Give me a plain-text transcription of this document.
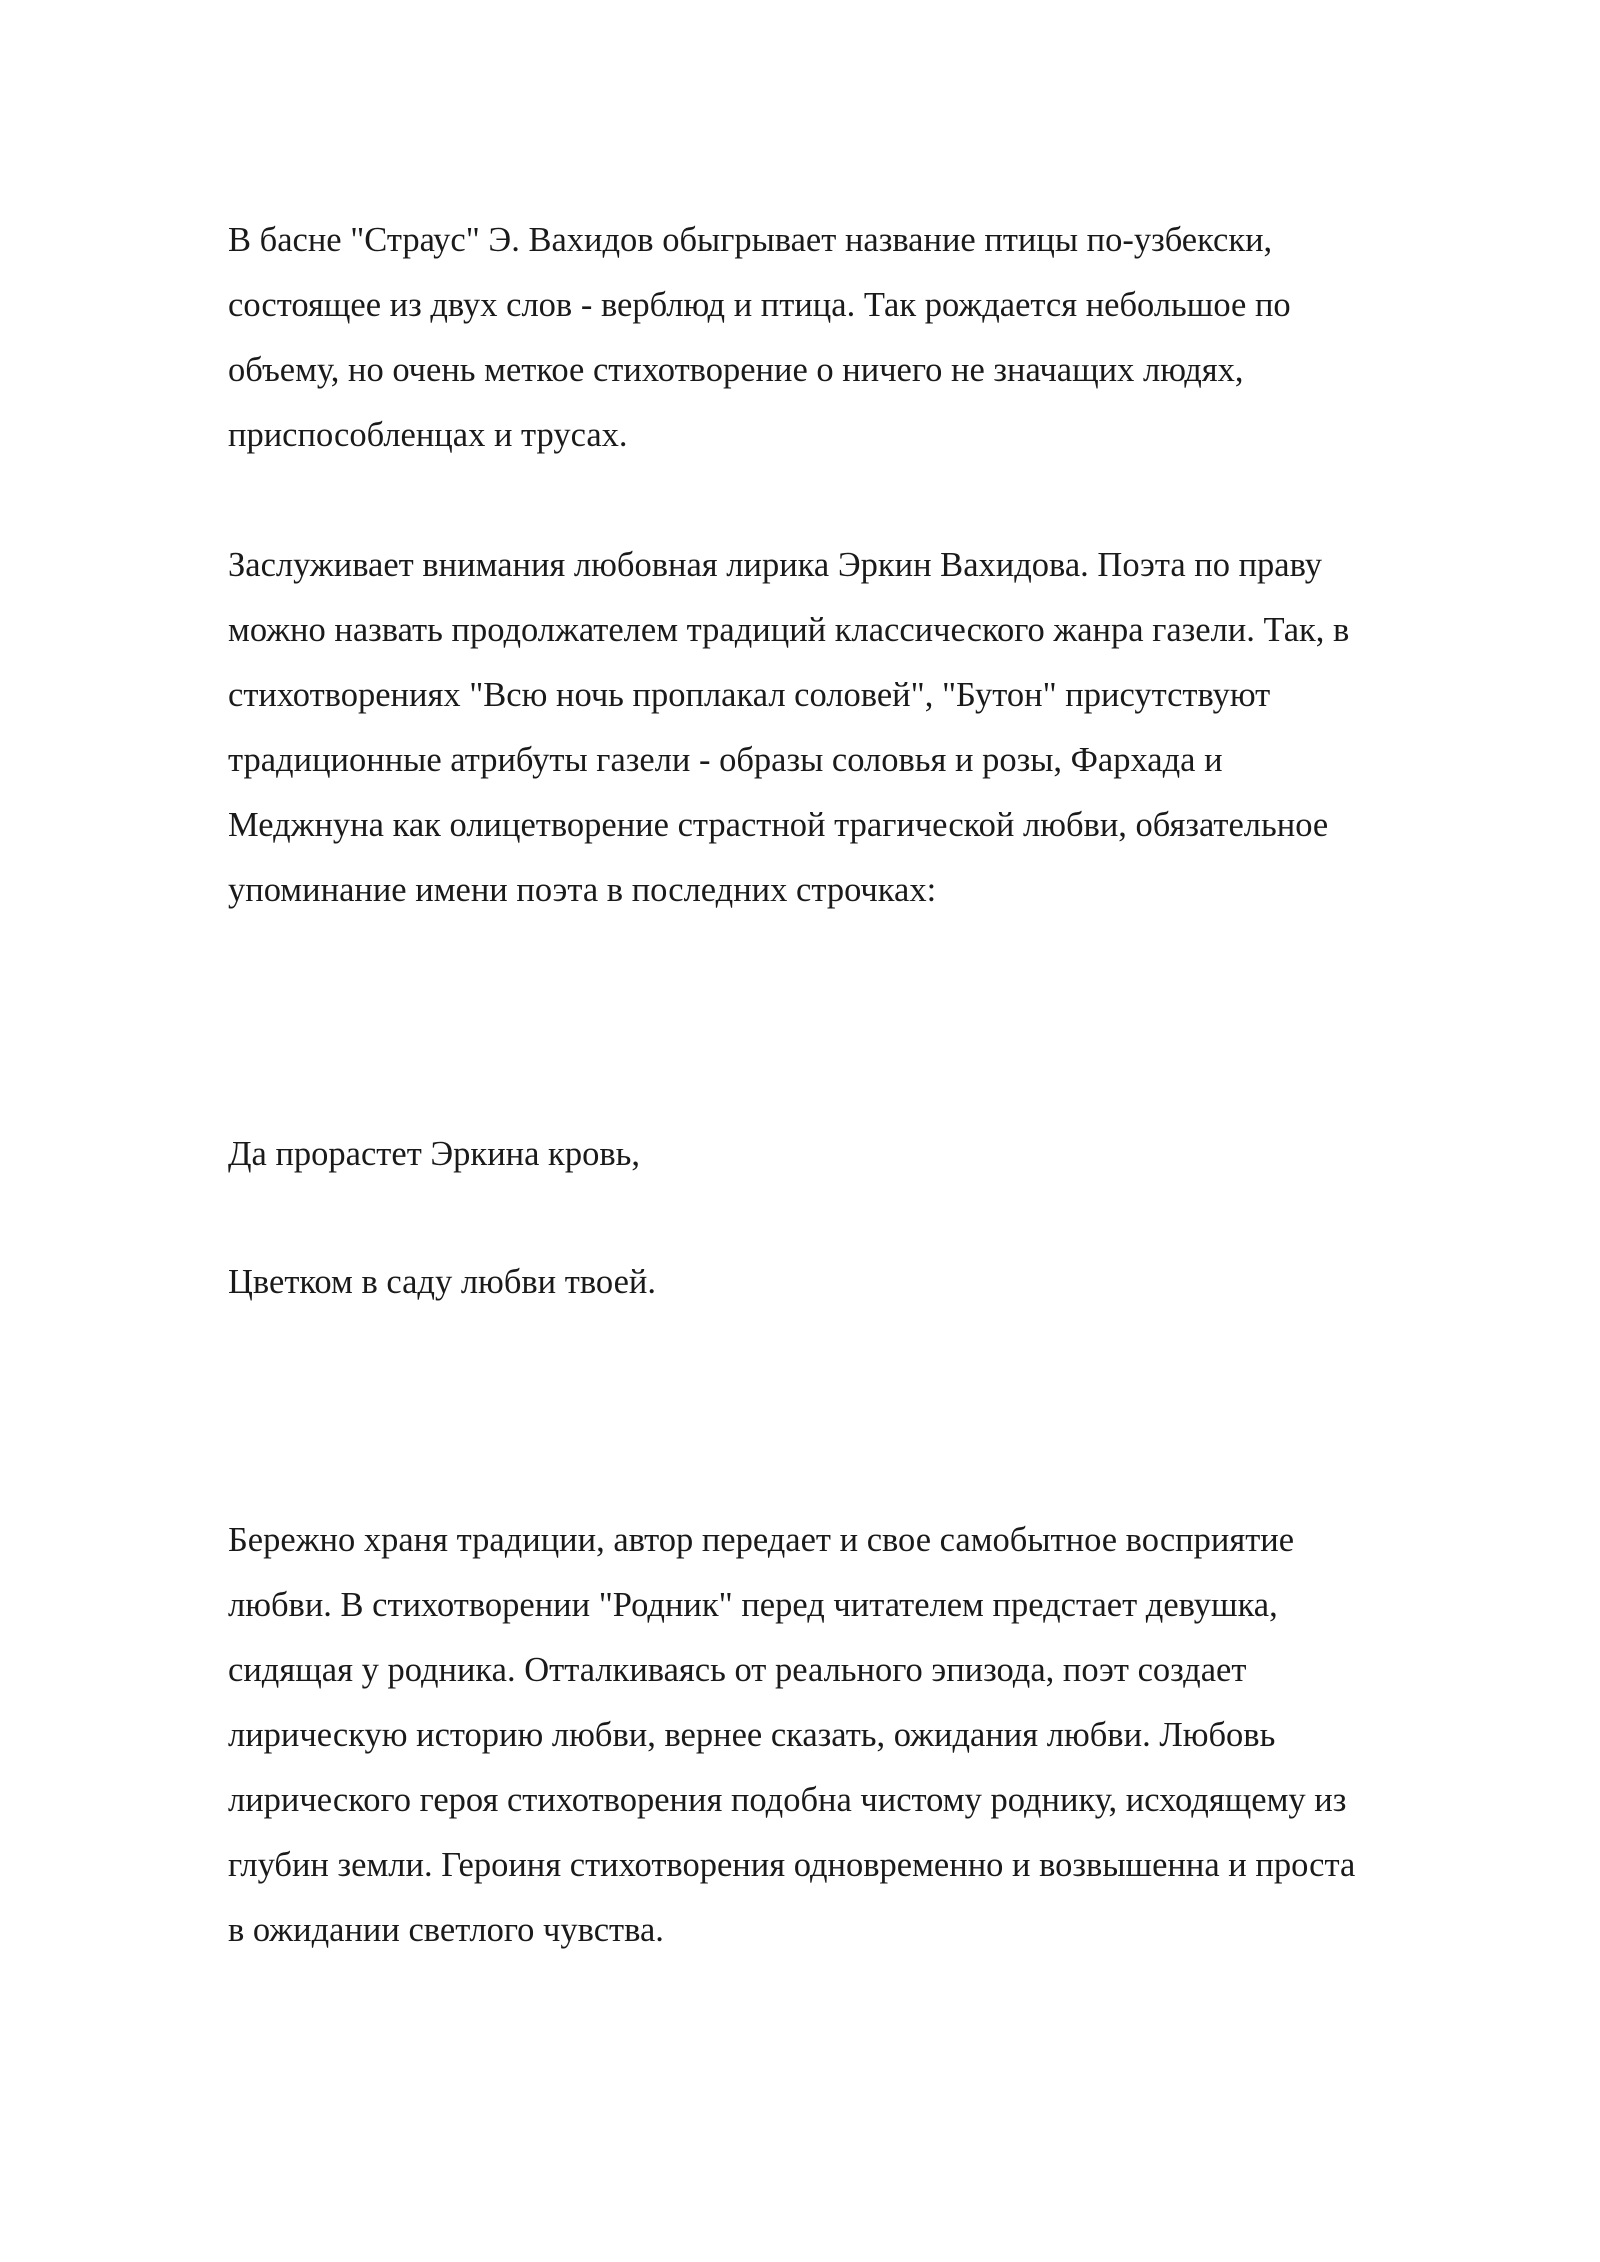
В басне "Страус" Э. Вахидов обыгрывает название птицы по-узбекски,
состоящее из двух слов - верблюд и птица. Так рождается небольшое по
объему, но очень меткое стихотворение о ничего не значащих людях,
приспособленцах и трусах.

Заслуживает внимания любовная лирика Эркин Вахидова. Поэта по праву
можно назвать продолжателем традиций классического жанра газели. Так, в
стихотворениях "Всю ночь проплакал соловей", "Бутон" присутствуют
традиционные атрибуты газели - образы соловья и розы, Фархада и
Меджнуна как олицетворение страстной трагической любви, обязательное
упоминание имени поэта в последних строчках:

Да прорастет Эркина кровь,

Цветком в саду любви твоей.

Бережно храня традиции, автор передает и свое самобытное восприятие
любви. В стихотворении "Родник" перед читателем предстает девушка,
сидящая у родника. Отталкиваясь от реального эпизода, поэт создает
лирическую историю любви, вернее сказать, ожидания любви. Любовь
лирического героя стихотворения подобна чистому роднику, исходящему из
глубин земли. Героиня стихотворения одновременно и возвышенна и проста
в ожидании светлого чувства.
